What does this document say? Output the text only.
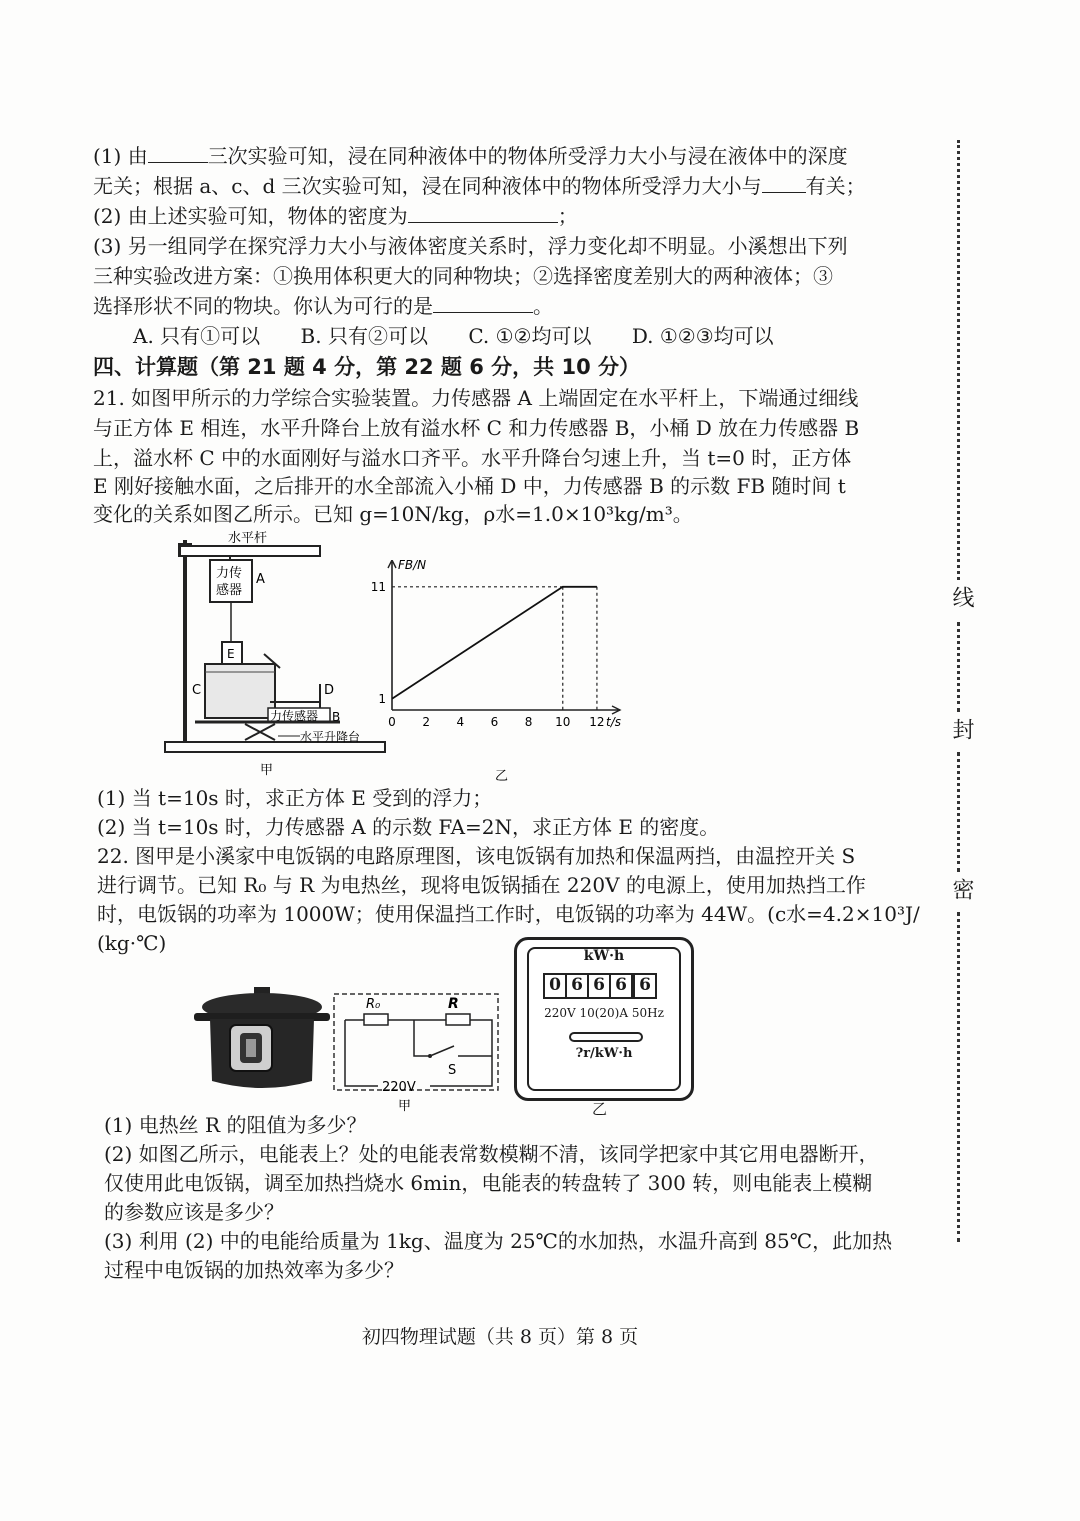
(1) 由	三次实验可知，浸在同种液体中的物体所受浮力大小与浸在液体中的深度
无关；根据 a、c、d 三次实验可知，浸在同种液体中的物体所受浮力大小与 有关；
(2) 由上述实验可知，物体的密度为	；
(3) 另一组同学在探究浮力大小与液体密度关系时，浮力变化却不明显。小溪想出下列
三种实验改进方案：①换用体积更大的同种物块；②选择密度差别大的两种液体；③
选择形状不同的物块。你认为可行的是	。
A. 只有①可以 B. 只有②可以 C. ①②均可以 D. ①②③均可以
四、计算题（第 21 题 4 分，第 22 题 6 分，共 10 分）
21. 如图甲所示的力学综合实验装置。力传感器 A 上端固定在水平杆上，下端通过细线
与正方体 E 相连，水平升降台上放有溢水杯 C 和力传感器 B，小桶 D 放在力传感器 B
上，溢水杯 C 中的水面刚好与溢水口齐平。水平升降台匀速上升，当 t=0 时，正方体
E 刚好接触水面，之后排开的水全部流入小桶 D 中，力传感器 B 的示数 FB 随时间 t
变化的关系如图乙所示。已知 g=10N/kg，ρ水=1.0×10³kg/m³。
水平杆
力传
感器
A
E
C	D
力传感器 B
水平升降台
甲
FB/N
t/s
0 2 4 6 8 10 12
1
11
乙
(1) 当 t=10s 时，求正方体 E 受到的浮力；
(2) 当 t=10s 时，力传感器 A 的示数 FA=2N，求正方体 E 的密度。
22. 图甲是小溪家中电饭锅的电路原理图，该电饭锅有加热和保温两挡，由温控开关 S
进行调节。已知 R₀ 与 R 为电热丝，现将电饭锅插在 220V 的电源上，使用加热挡工作
时，电饭锅的功率为 1000W；使用保温挡工作时，电饭锅的功率为 44W。(c水=4.2×10³J/
(kg·℃)
R₀	R
S
220V
甲
kW·h
0 6 6 6 6
220V 10(20)A 50Hz
?r/kW·h
乙
(1) 电热丝 R 的阻值为多少？
(2) 如图乙所示，电能表上？处的电能表常数模糊不清，该同学把家中其它用电器断开，
仅使用此电饭锅，调至加热挡烧水 6min，电能表的转盘转了 300 转，则电能表上模糊
的参数应该是多少？
(3) 利用 (2) 中的电能给质量为 1kg、温度为 25℃的水加热，水温升高到 85℃，此加热
过程中电饭锅的加热效率为多少？
线
封
密
初四物理试题（共 8 页）第 8 页
